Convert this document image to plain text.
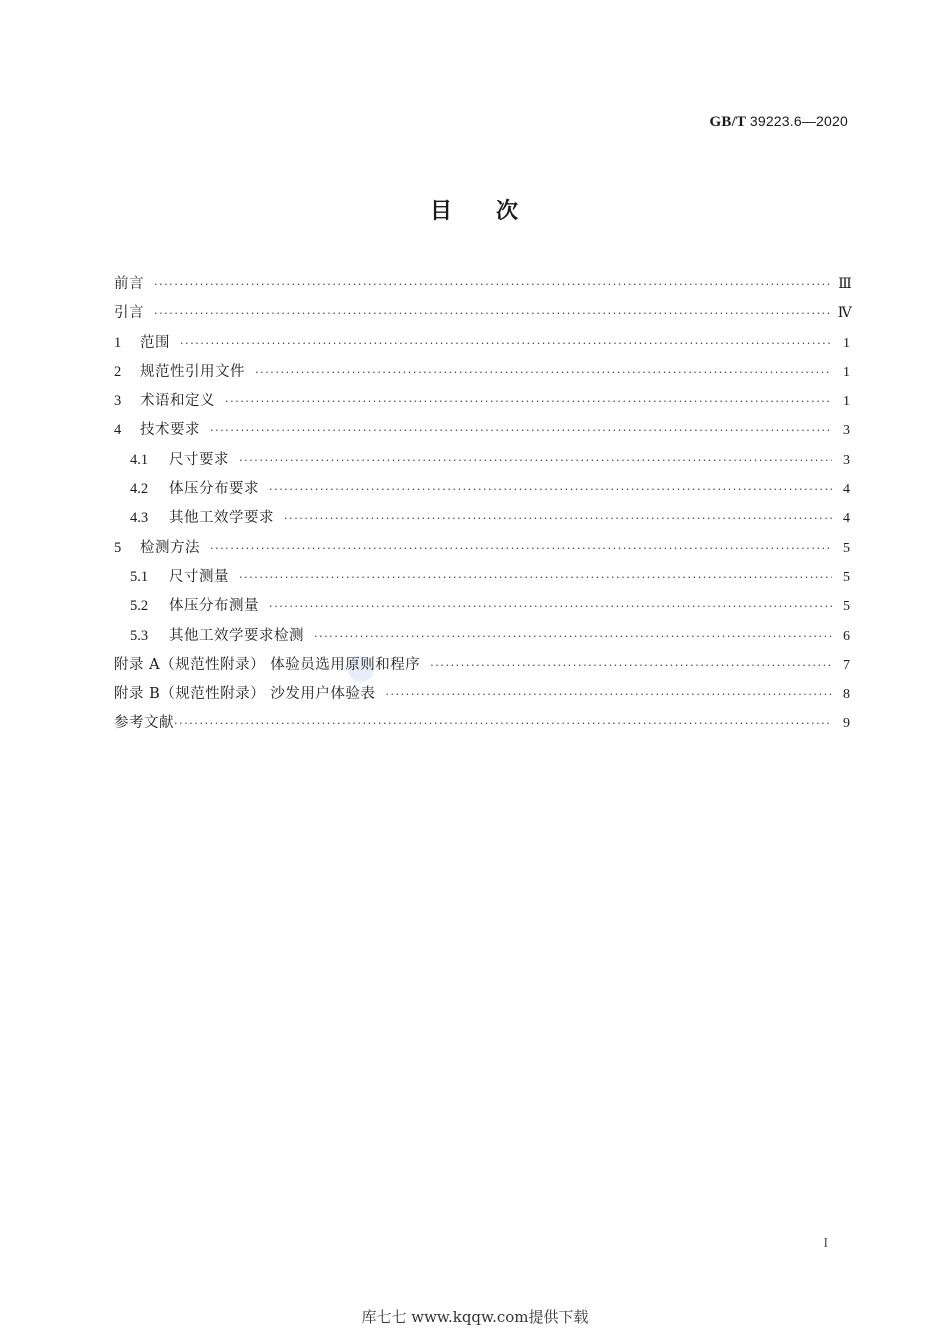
GB/T 39223.6—2020
目 次
前言 ·····	Ⅲ
引言 ·····	Ⅳ
1	范围 ·····	1
2	规范性引用文件 ·····	1
3	术语和定义 ·····	1
4	技术要求 ·····	3
4.1	尺寸要求 ·····	3
4.2	体压分布要求 ·····	4
4.3	其他工效学要求 ·····	4
5	检测方法 ·····	5
5.1	尺寸测量 ·····	5
5.2	体压分布测量 ·····	5
5.3	其他工效学要求检测 ·····	6
附录 A（规范性附录） 体验员选用原则和程序 ·····	7
附录 B（规范性附录） 沙发用户体验表 ·····	8
参考文献 ·····	9
I
库七七 www.kqqw.com提供下载
